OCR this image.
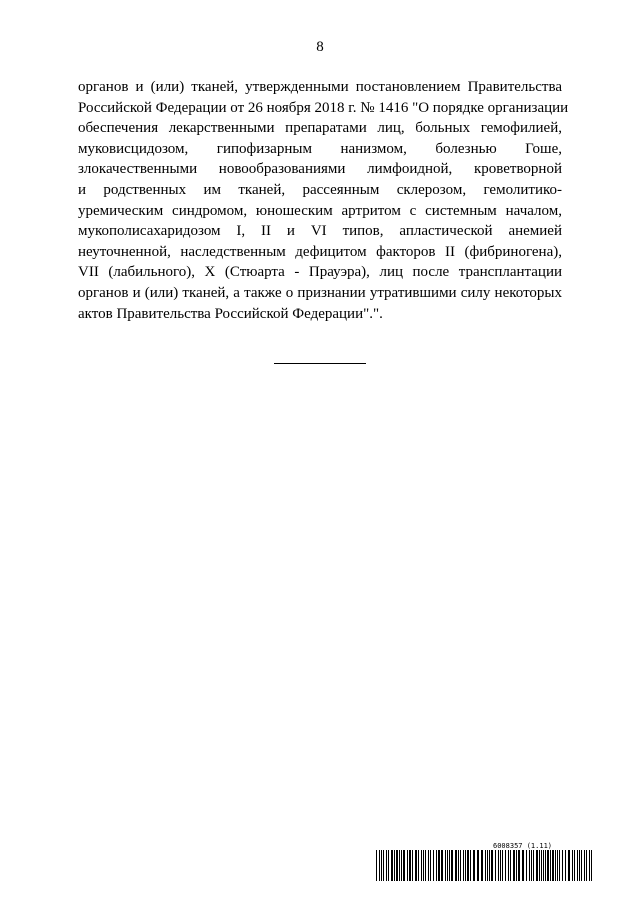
8
органов и (или) тканей, утвержденными постановлением Правительства
Российской Федерации от 26 ноября 2018 г. № 1416 "О порядке организации
обеспечения лекарственными препаратами лиц, больных гемофилией,
муковисцидозом, гипофизарным нанизмом, болезнью Гоше,
злокачественными новообразованиями лимфоидной, кроветворной
и родственных им тканей, рассеянным склерозом, гемолитико-
уремическим синдромом, юношеским артритом с системным началом,
мукополисахаридозом I, II и VI типов, апластической анемией
неуточненной, наследственным дефицитом факторов II (фибриногена),
VII (лабильного), X (Стюарта - Прауэра), лиц после трансплантации
органов и (или) тканей, а также о признании утратившими силу некоторых
актов Правительства Российской Федерации".".
6008357 (1.11)
